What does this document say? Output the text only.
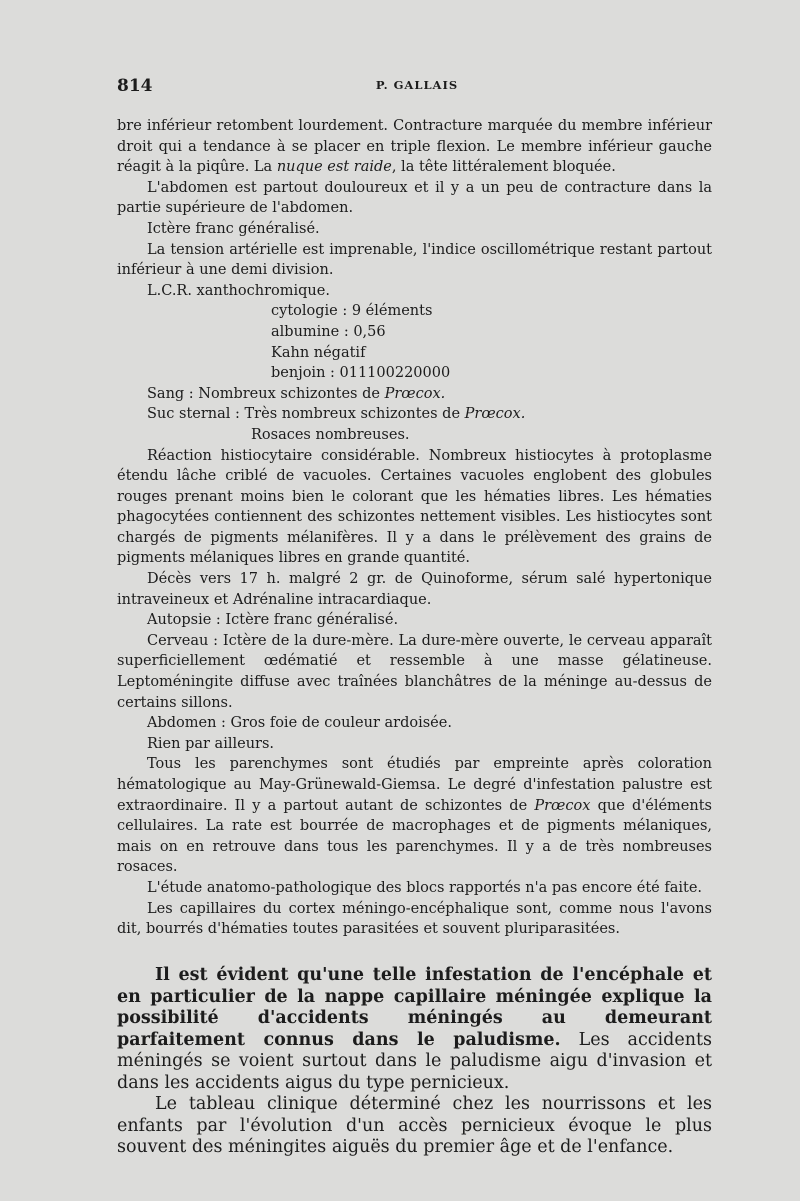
814	P. GALLAIS

bre inférieur retombent lourdement. Contracture marquée du membre inférieur droit qui a tendance à se placer en triple flexion. Le membre inférieur gauche réagit à la piqûre. La nuque est raide, la tête littéralement bloquée.

L'abdomen est partout douloureux et il y a un peu de contracture dans la partie supérieure de l'abdomen.

Ictère franc généralisé.

La tension artérielle est imprenable, l'indice oscillométrique restant partout inférieur à une demi division.

L.C.R. xanthochromique.

cytologie : 9 éléments

albumine : 0,56

Kahn négatif

benjoin : 011100220000

Sang : Nombreux schizontes de Prœcox.

Suc sternal : Très nombreux schizontes de Prœcox.

Rosaces nombreuses.

Réaction histiocytaire considérable. Nombreux histiocytes à protoplasme étendu lâche criblé de vacuoles. Certaines vacuoles englobent des globules rouges prenant moins bien le colorant que les hématies libres. Les hématies phagocytées contiennent des schizontes nettement visibles. Les histiocytes sont chargés de pigments mélanifères. Il y a dans le prélèvement des grains de pigments mélaniques libres en grande quantité.

Décès vers 17 h. malgré 2 gr. de Quinoforme, sérum salé hypertonique intraveineux et Adrénaline intracardiaque.

Autopsie : Ictère franc généralisé.

Cerveau : Ictère de la dure-mère. La dure-mère ouverte, le cerveau apparaît superficiellement œdématié et ressemble à une masse gélatineuse. Leptoméningite diffuse avec traînées blanchâtres de la méninge au-dessus de certains sillons.

Abdomen : Gros foie de couleur ardoisée.

Rien par ailleurs.

Tous les parenchymes sont étudiés par empreinte après coloration hématologique au May-Grünewald-Giemsa. Le degré d'infestation palustre est extraordinaire. Il y a partout autant de schizontes de Prœcox que d'éléments cellulaires. La rate est bourrée de macrophages et de pigments mélaniques, mais on en retrouve dans tous les parenchymes. Il y a de très nombreuses rosaces.

L'étude anatomo-pathologique des blocs rapportés n'a pas encore été faite.

Les capillaires du cortex méningo-encéphalique sont, comme nous l'avons dit, bourrés d'hématies toutes parasitées et souvent pluriparasitées.

Il est évident qu'une telle infestation de l'encéphale et en particulier de la nappe capillaire méningée explique la possibilité d'accidents méningés au demeurant parfaitement connus dans le paludisme. Les accidents méningés se voient surtout dans le paludisme aigu d'invasion et dans les accidents aigus du type pernicieux.

Le tableau clinique déterminé chez les nourrissons et les enfants par l'évolution d'un accès pernicieux évoque le plus souvent des méningites aiguës du premier âge et de l'enfance.
